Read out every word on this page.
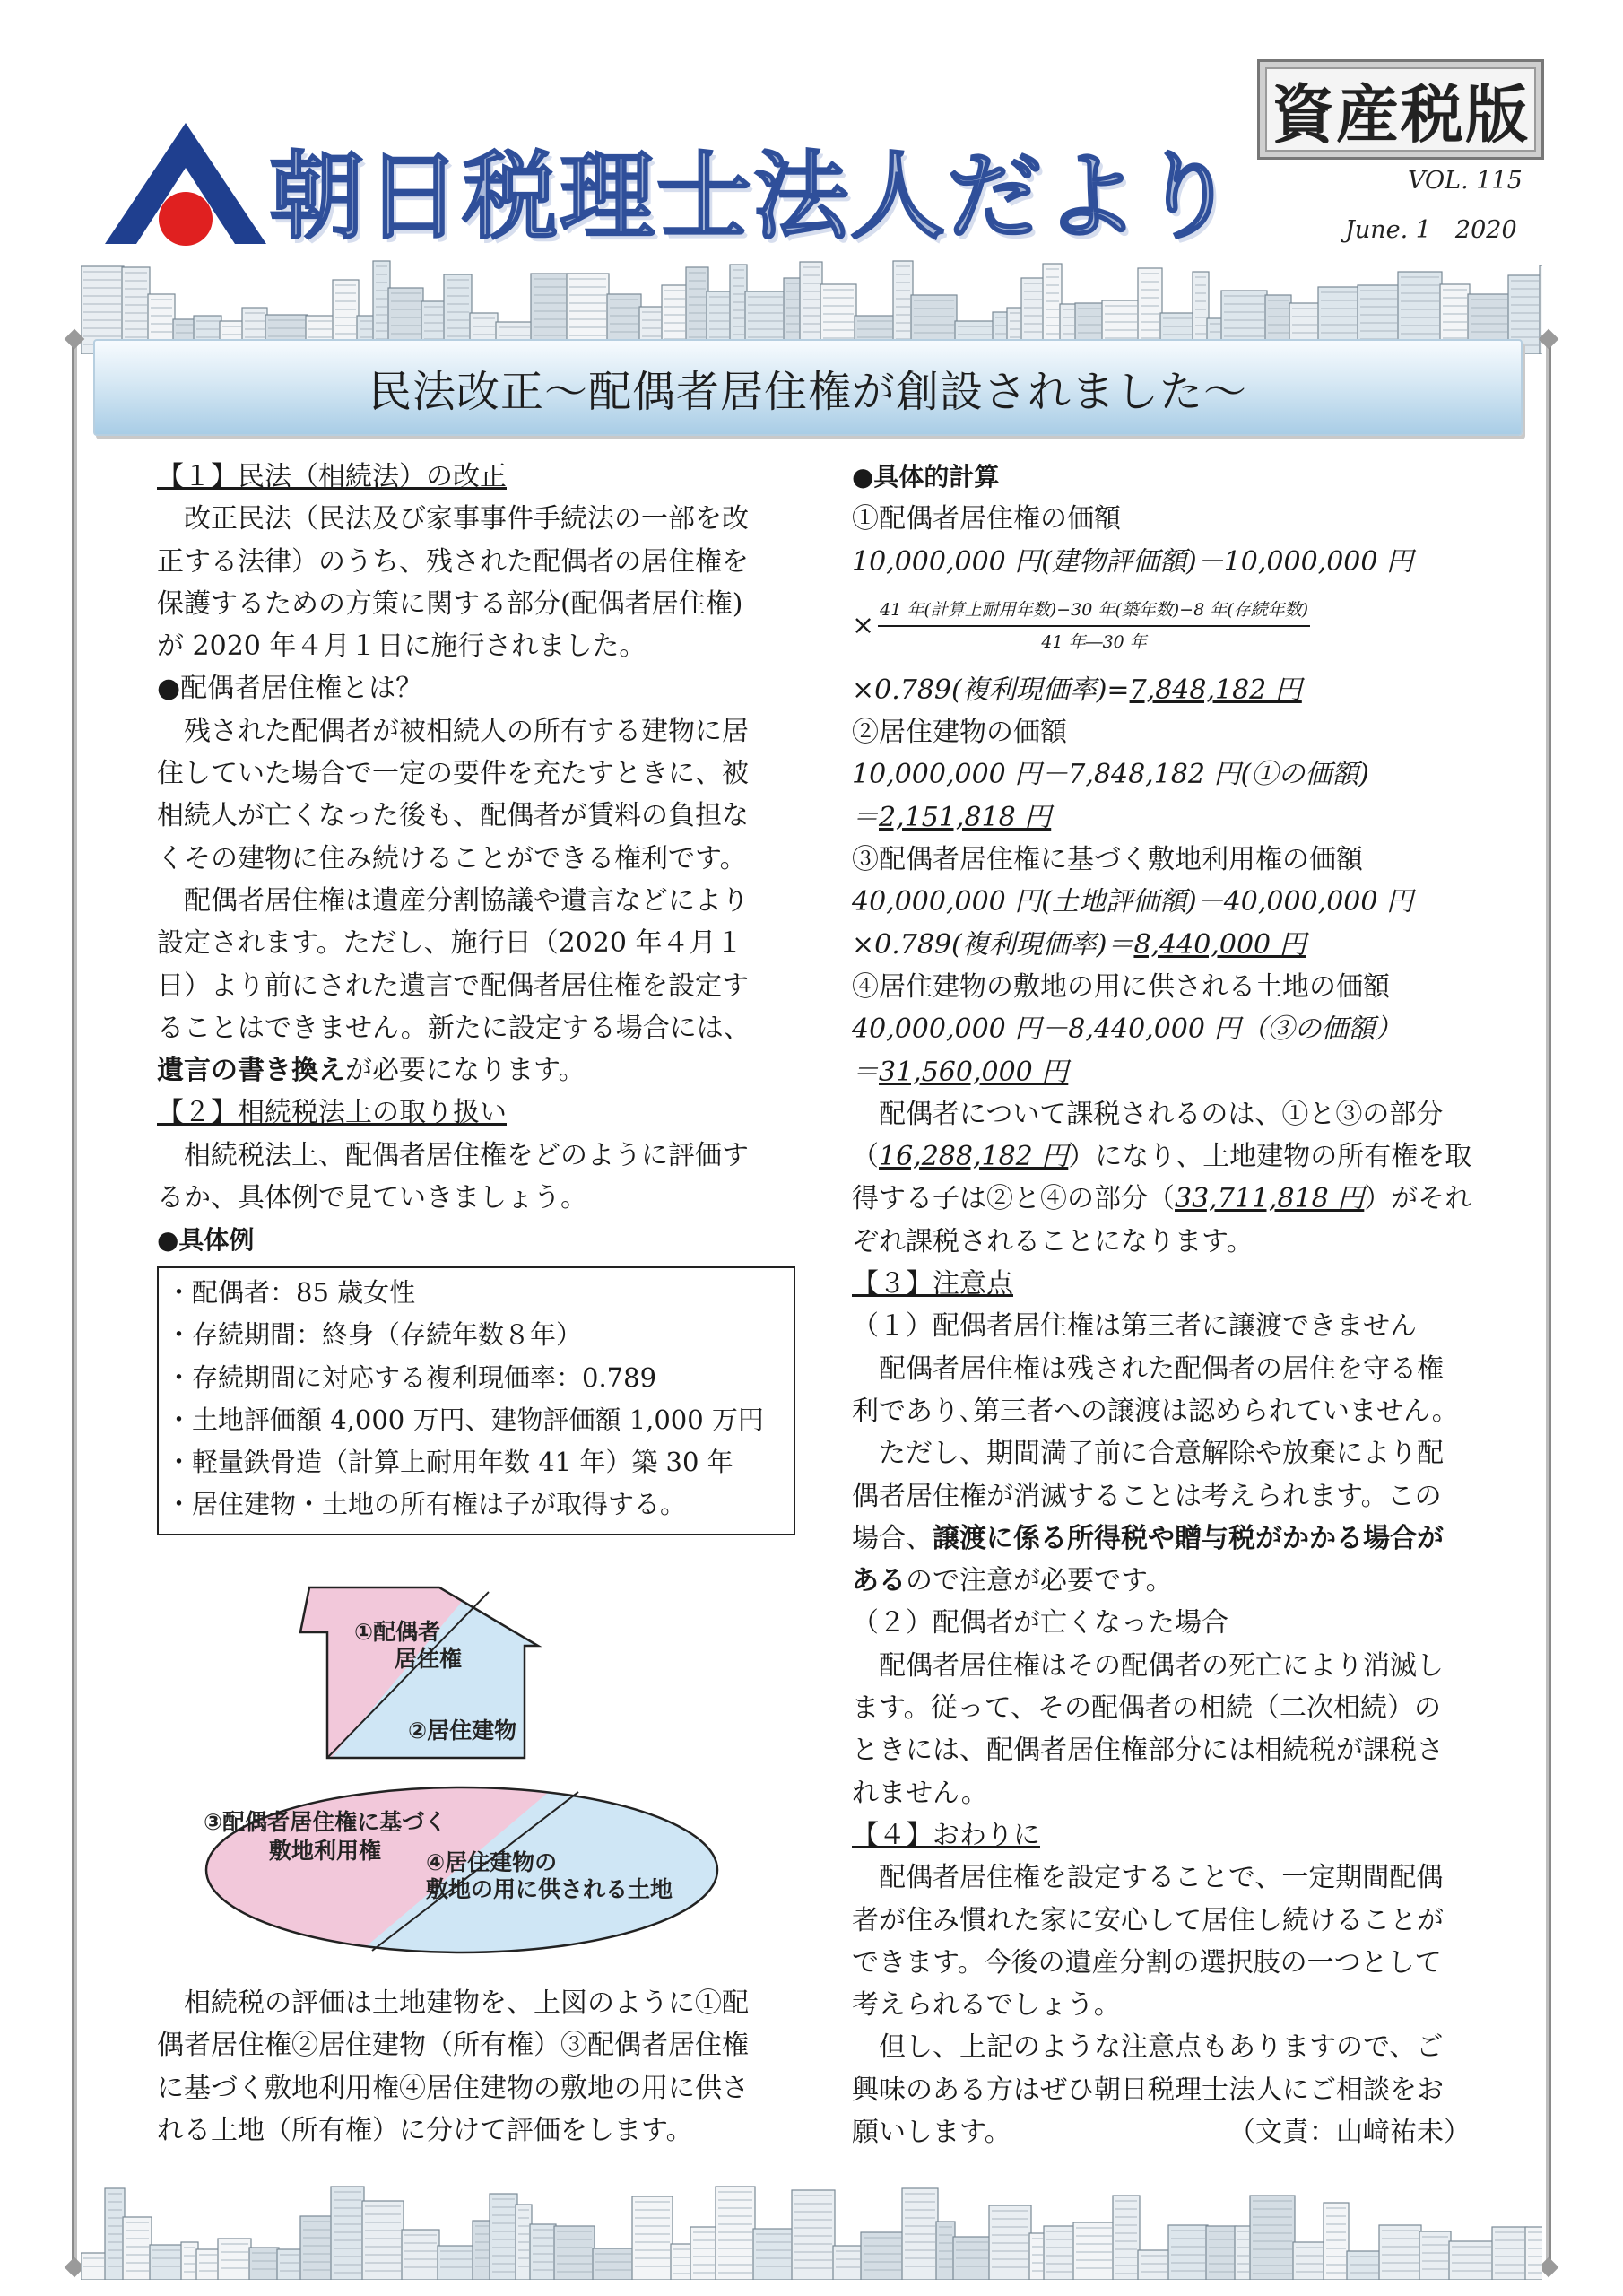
朝日税理士法人だより
資産税版
VOL. 115
June. 1　2020
民法改正～配偶者居住権が創設されました～
【１】民法（相続法）の改正
　改正民法（民法及び家事事件手続法の一部を改
正する法律）のうち、残された配偶者の居住権を
保護するための方策に関する部分(配偶者居住権)
が 2020 年４月１日に施行されました。
●配偶者居住権とは？
　残された配偶者が被相続人の所有する建物に居
住していた場合で一定の要件を充たすときに、被
相続人が亡くなった後も、配偶者が賃料の負担な
くその建物に住み続けることができる権利です。
　配偶者居住権は遺産分割協議や遺言などにより
設定されます。ただし、施行日（2020 年４月１
日）より前にされた遺言で配偶者居住権を設定す
ることはできません。新たに設定する場合には、
遺言の書き換えが必要になります。
【２】相続税法上の取り扱い
　相続税法上、配偶者居住権をどのように評価す
るか、具体例で見ていきましょう。
●具体例
・配偶者：85 歳女性
・存続期間：終身（存続年数８年）
・存続期間に対応する複利現価率：0.789
・土地評価額 4,000 万円、建物評価額 1,000 万円
・軽量鉄骨造（計算上耐用年数 41 年）築 30 年
・居住建物・土地の所有権は子が取得する。
①配偶者
居住権
②居住建物
③配偶者居住権に基づく
敷地利用権 ④居住建物の
敷地の用に供される土地
　相続税の評価は土地建物を、上図のように①配
偶者居住権②居住建物（所有権）③配偶者居住権
に基づく敷地利用権④居住建物の敷地の用に供さ
れる土地（所有権）に分けて評価をします。
●具体的計算
①配偶者居住権の価額
10,000,000 円(建物評価額)－10,000,000 円
× $\frac{\text{41 年(計算上耐用年数)−30 年(築年数)−8 年(存続年数)}}{\text{41 年―30 年}}$
×0.789(複利現価率)=7,848,182 円
②居住建物の価額
10,000,000 円－7,848,182 円(①の価額)
＝2,151,818 円
③配偶者居住権に基づく敷地利用権の価額
40,000,000 円(土地評価額)－40,000,000 円
×0.789(複利現価率)＝8,440,000 円
④居住建物の敷地の用に供される土地の価額
40,000,000 円－8,440,000 円（③の価額）
＝31,560,000 円
　配偶者について課税されるのは、①と③の部分
（16,288,182 円）になり、土地建物の所有権を取
得する子は②と④の部分（33,711,818 円）がそれ
ぞれ課税されることになります。
【３】注意点
（１）配偶者居住権は第三者に譲渡できません
　配偶者居住権は残された配偶者の居住を守る権
利であり､第三者への譲渡は認められていません。
　ただし、期間満了前に合意解除や放棄により配
偶者居住権が消滅することは考えられます。この
場合、譲渡に係る所得税や贈与税がかかる場合が
あるので注意が必要です。
（２）配偶者が亡くなった場合
　配偶者居住権はその配偶者の死亡により消滅し
ます。従って、その配偶者の相続（二次相続）の
ときには、配偶者居住権部分には相続税が課税さ
れません。
【４】おわりに
　配偶者居住権を設定することで、一定期間配偶
者が住み慣れた家に安心して居住し続けることが
できます。今後の遺産分割の選択肢の一つとして
考えられるでしょう。
　但し、上記のような注意点もありますので、ご
興味のある方はぜひ朝日税理士法人にご相談をお
願いします。	（文責：山﨑祐未）
